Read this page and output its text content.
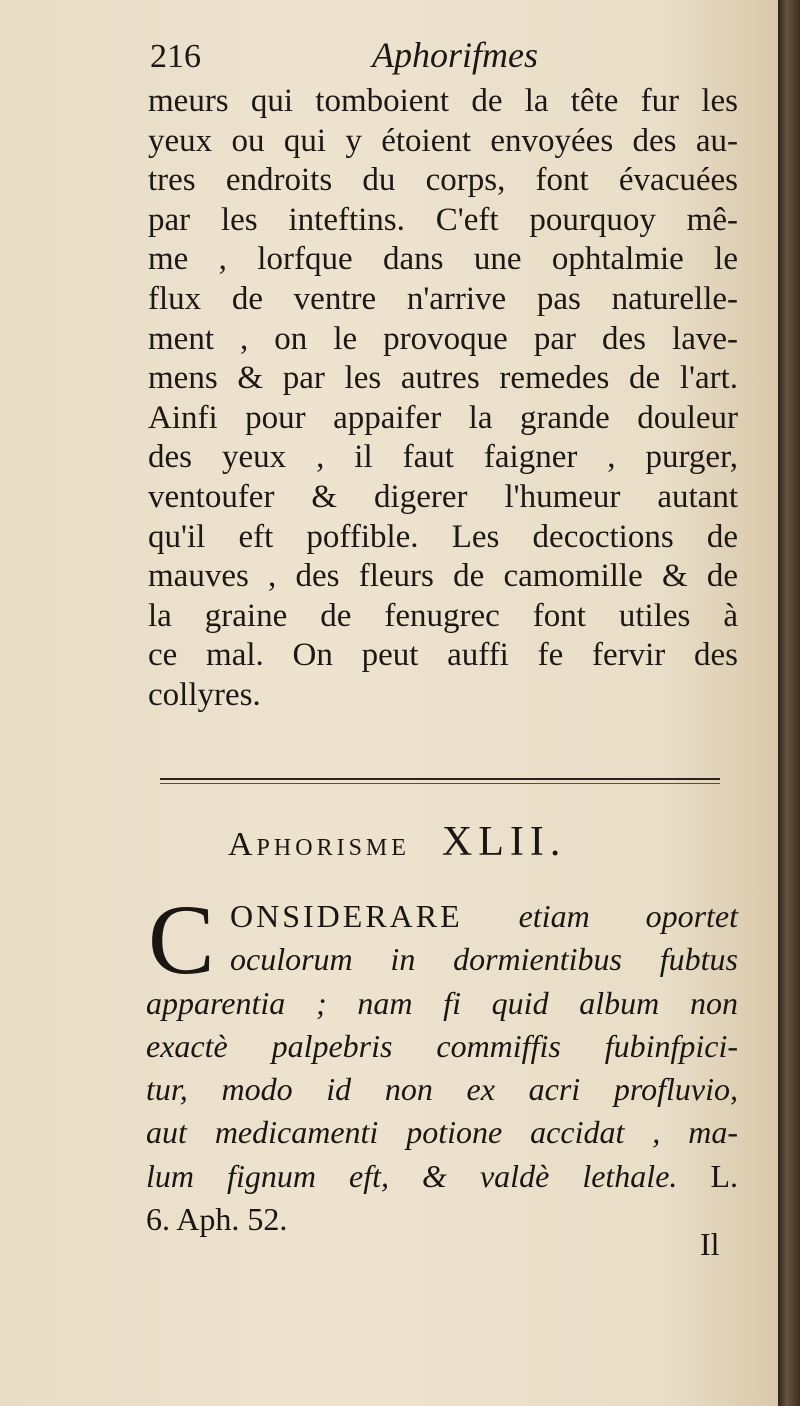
216	Aphorifmes
meurs qui tomboient de la tête fur les
yeux ou qui y étoient envoyées des au-
tres endroits du corps, font évacuées
par les inteftins. C'eft pourquoy mê-
me , lorfque dans une ophtalmie le
flux de ventre n'arrive pas naturelle-
ment , on le provoque par des lave-
mens & par les autres remedes de l'art.
Ainfi pour appaifer la grande douleur
des yeux , il faut faigner , purger,
ventoufer & digerer l'humeur autant
qu'il eft poffible. Les decoctions de
mauves , des fleurs de camomille & de
la graine de fenugrec font utiles à
ce mal. On peut auffi fe fervir des
collyres.
Aphorisme XLII.
C ONSIDERARE etiam oportet
oculorum in dormientibus fubtus
apparentia ; nam fi quid album non
exactè palpebris commiffis fubinfpici-
tur, modo id non ex acri profluvio,
aut medicamenti potione accidat , ma-
lum fignum eft, & valdè lethale. L.
6. Aph. 52.
Il
